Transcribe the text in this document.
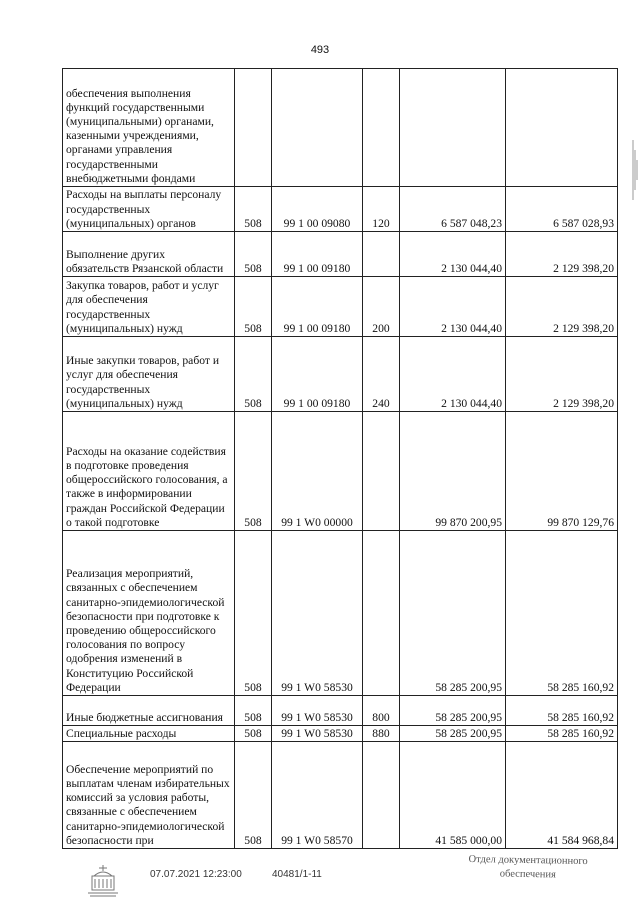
493
обеспечения выполнения функций государственными (муниципальными) органами, казенными учреждениями, органами управления государственными внебюджетными фондами					
Расходы на выплаты персоналу государственных (муниципальных) органов	508	99 1 00 09080	120	6 587 048,23	6 587 028,93
Выполнение других обязательств Рязанской области	508	99 1 00 09180		2 130 044,40	2 129 398,20
Закупка товаров, работ и услуг для обеспечения государственных (муниципальных) нужд	508	99 1 00 09180	200	2 130 044,40	2 129 398,20
Иные закупки товаров, работ и услуг для обеспечения государственных (муниципальных) нужд	508	99 1 00 09180	240	2 130 044,40	2 129 398,20
Расходы на оказание содействия в подготовке проведения общероссийского голосования, а также в информировании граждан Российской Федерации о такой подготовке	508	99 1 W0 00000		99 870 200,95	99 870 129,76
Реализация мероприятий, связанных с обеспечением санитарно-эпидемиологической безопасности при подготовке к проведению общероссийского голосования по вопросу одобрения изменений в Конституцию Российской Федерации	508	99 1 W0 58530		58 285 200,95	58 285 160,92
Иные бюджетные ассигнования	508	99 1 W0 58530	800	58 285 200,95	58 285 160,92
Специальные расходы	508	99 1 W0 58530	880	58 285 200,95	58 285 160,92
Обеспечение мероприятий по выплатам членам избирательных комиссий за условия работы, связанные с обеспечением санитарно-эпидемиологической безопасности при	508	99 1 W0 58570		41 585 000,00	41 584 968,84
07.07.2021 12:23:00	40481/1-11
Отдел документационного
обеспечения
